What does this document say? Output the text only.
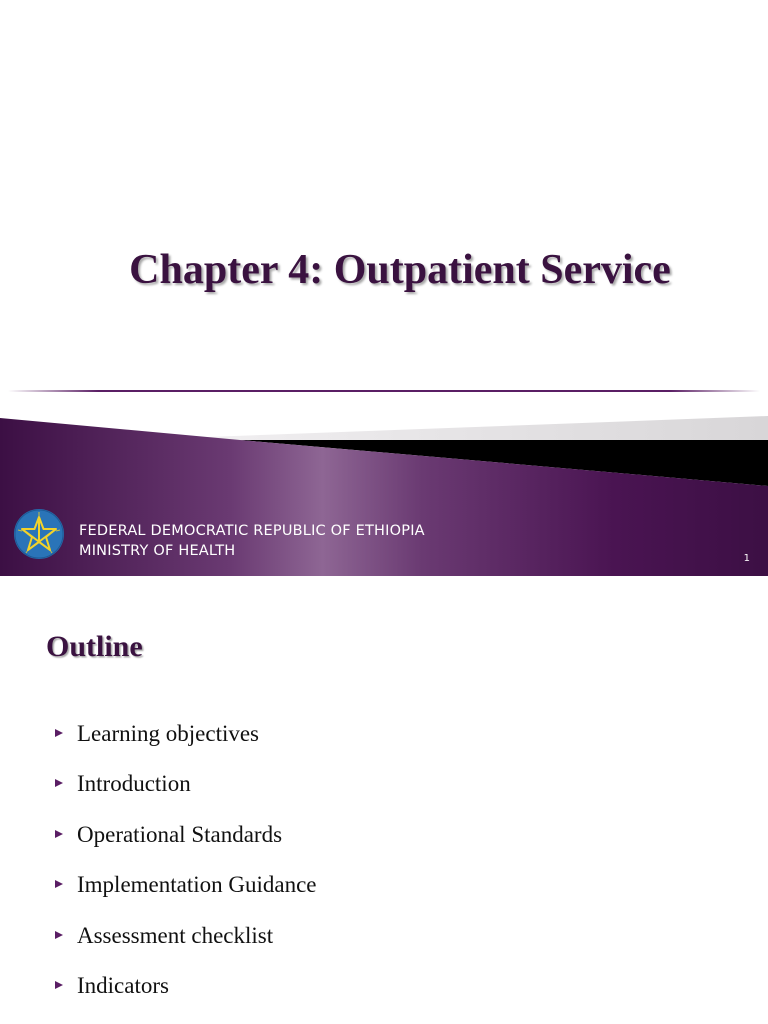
Chapter 4: Outpatient Service
FEDERAL DEMOCRATIC REPUBLIC OF ETHIOPIA
MINISTRY OF HEALTH	1
Outline
Learning objectives
Introduction
Operational Standards
Implementation Guidance
Assessment checklist
Indicators
